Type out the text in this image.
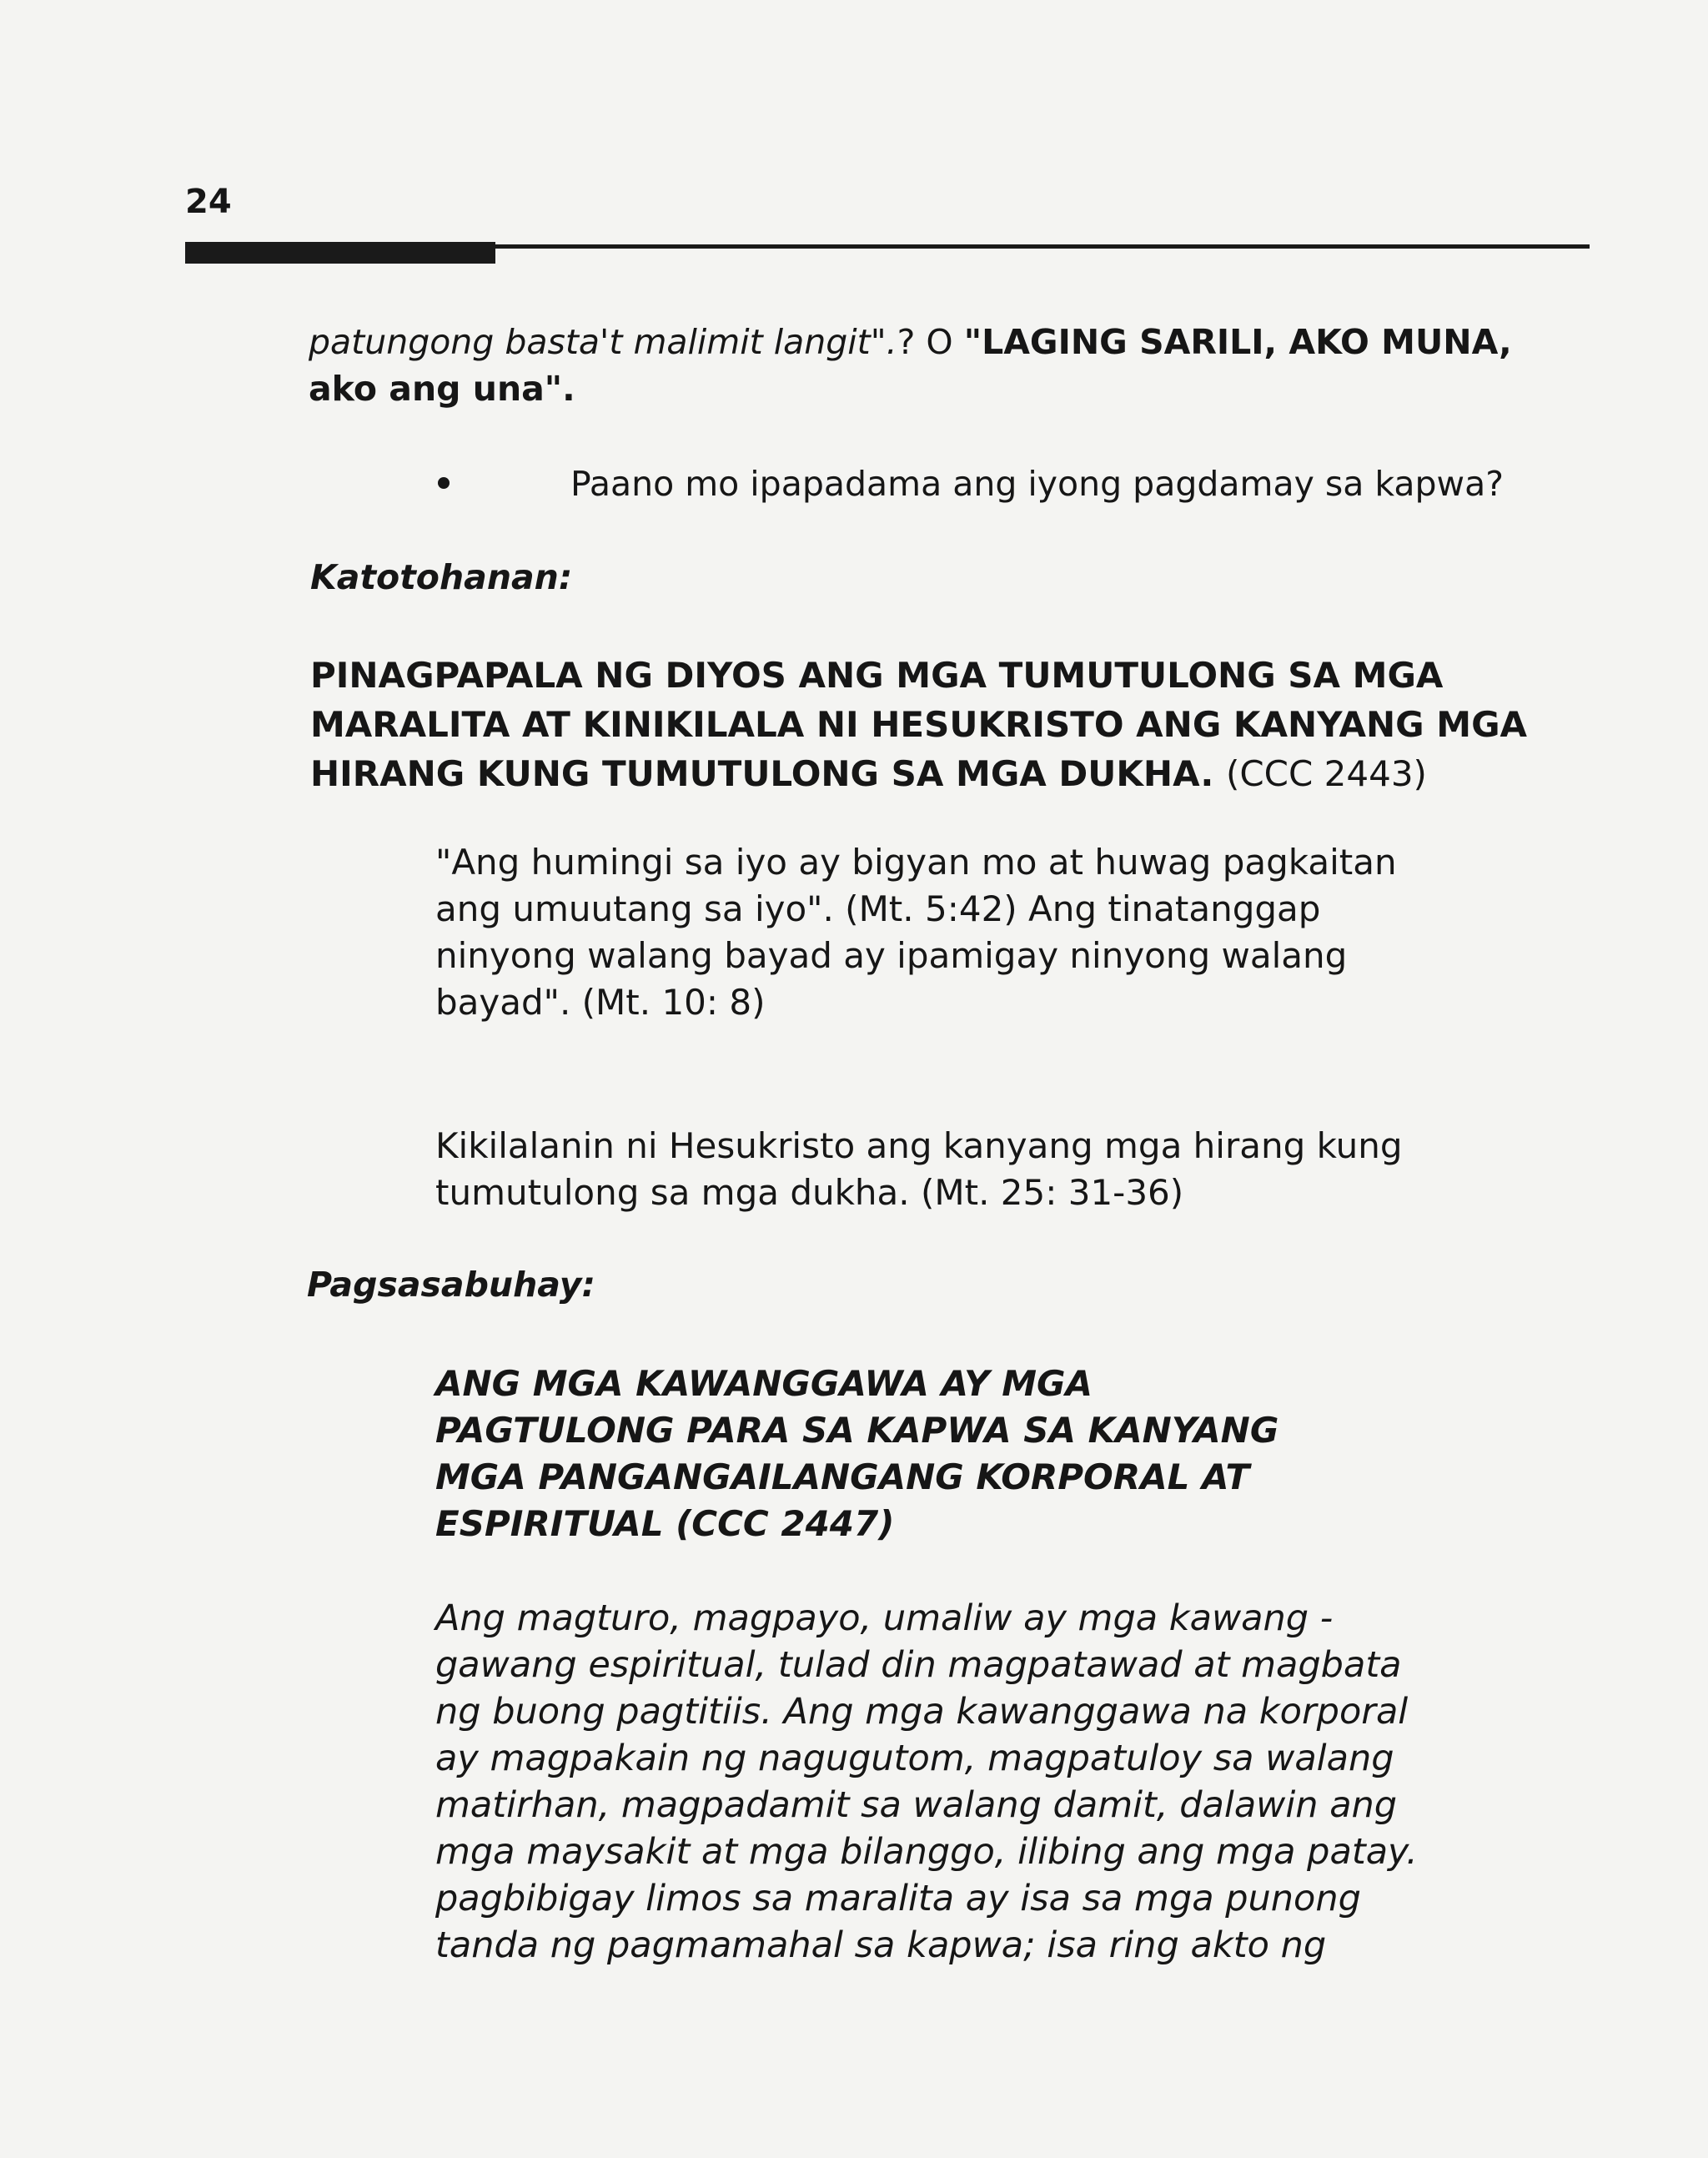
24
patungong basta't malimit langit".? O "LAGING SARILI, AKO MUNA,
ako ang una".
Paano mo ipapadama ang iyong pagdamay sa kapwa?
Katotohanan:
PINAGPAPALA NG DIYOS ANG MGA TUMUTULONG SA MGA
MARALITA AT KINIKILALA NI HESUKRISTO ANG KANYANG MGA
HIRANG KUNG TUMUTULONG SA MGA DUKHA. (CCC 2443)
"Ang humingi sa iyo ay bigyan mo at huwag pagkaitan
ang umuutang sa iyo". (Mt. 5:42) Ang tinatanggap
ninyong walang bayad ay ipamigay ninyong walang
bayad". (Mt. 10: 8)
Kikilalanin ni Hesukristo ang kanyang mga hirang kung
tumutulong sa mga dukha. (Mt. 25: 31-36)
Pagsasabuhay:
ANG MGA KAWANGGAWA AY MGA
PAGTULONG PARA SA KAPWA SA KANYANG
MGA PANGANGAILANGANG KORPORAL AT
ESPIRITUAL (CCC 2447)
Ang magturo, magpayo, umaliw ay mga kawang -
gawang espiritual, tulad din magpatawad at magbata
ng buong pagtitiis. Ang mga kawanggawa na korporal
ay magpakain ng nagugutom, magpatuloy sa walang
matirhan, magpadamit sa walang damit, dalawin ang
mga maysakit at mga bilanggo, ilibing ang mga patay.
pagbibigay limos sa maralita ay isa sa mga punong
tanda ng pagmamahal sa kapwa; isa ring akto ng
